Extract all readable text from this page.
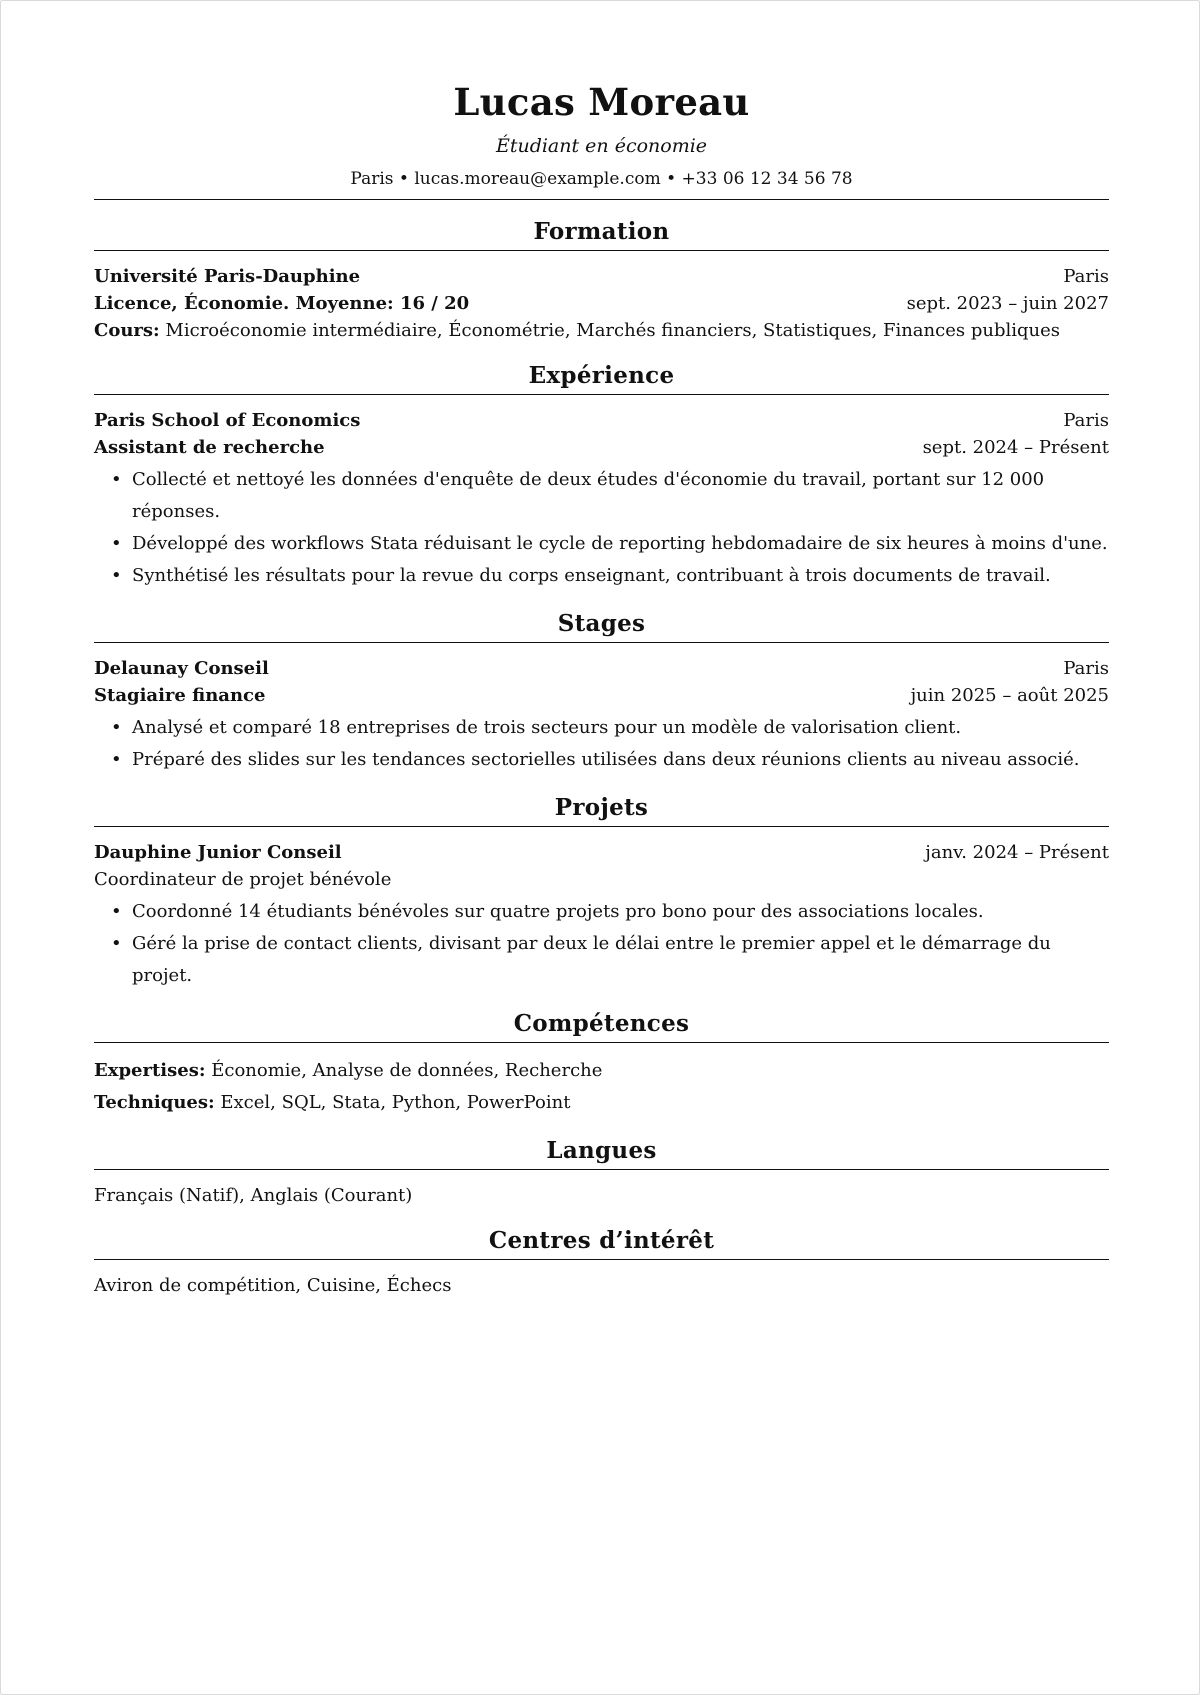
Lucas Moreau
Étudiant en économie
Paris • lucas.moreau@example.com • +33 06 12 34 56 78
Formation
Université Paris-Dauphine	Paris
Licence, Économie. Moyenne: 16 / 20	sept. 2023 – juin 2027
Cours: Microéconomie intermédiaire, Économétrie, Marchés financiers, Statistiques, Finances publiques
Expérience
Paris School of Economics	Paris
Assistant de recherche	sept. 2024 – Présent
• Collecté et nettoyé les données d'enquête de deux études d'économie du travail, portant sur 12 000 réponses.
• Développé des workflows Stata réduisant le cycle de reporting hebdomadaire de six heures à moins d'une.
• Synthétisé les résultats pour la revue du corps enseignant, contribuant à trois documents de travail.
Stages
Delaunay Conseil	Paris
Stagiaire finance	juin 2025 – août 2025
• Analysé et comparé 18 entreprises de trois secteurs pour un modèle de valorisation client.
• Préparé des slides sur les tendances sectorielles utilisées dans deux réunions clients au niveau associé.
Projets
Dauphine Junior Conseil	janv. 2024 – Présent
Coordinateur de projet bénévole
• Coordonné 14 étudiants bénévoles sur quatre projets pro bono pour des associations locales.
• Géré la prise de contact clients, divisant par deux le délai entre le premier appel et le démarrage du projet.
Compétences
Expertises: Économie, Analyse de données, Recherche
Techniques: Excel, SQL, Stata, Python, PowerPoint
Langues
Français (Natif), Anglais (Courant)
Centres d’intérêt
Aviron de compétition, Cuisine, Échecs
